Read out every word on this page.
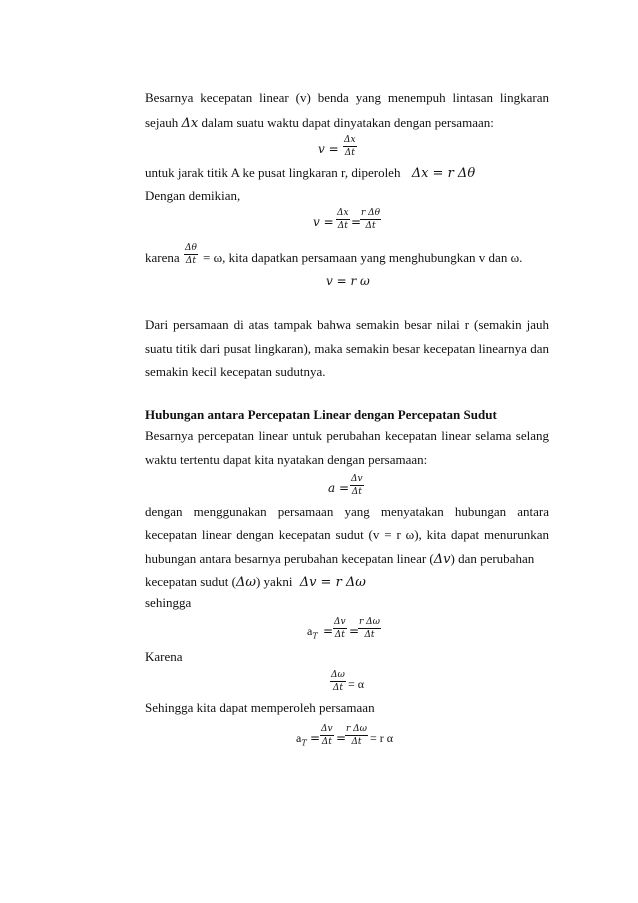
Besarnya kecepatan linear (v) benda yang menempuh lintasan lingkaran
sejauh Δx dalam suatu waktu dapat dinyatakan dengan persamaan:
$v = \frac{\Delta x}{\Delta t}$
untuk jarak titik A ke pusat lingkaran r, diperoleh Δx = r Δθ
Dengan demikian,
$v = \frac{\Delta x}{\Delta t}$ =
$\frac{\text{r Δθ}}{\Delta t}$
karena $\frac{\Delta\theta}{\Delta t} = \omega$, kita dapatkan persamaan yang menghubungkan v dan ω.
v = r ω
Dari persamaan di atas tampak bahwa semakin besar nilai r (semakin jauh
suatu titik dari pusat lingkaran), maka semakin besar kecepatan linearnya dan
semakin kecil kecepatan sudutnya.
Hubungan antara Percepatan Linear dengan Percepatan Sudut
Besarnya percepatan linear untuk perubahan kecepatan linear selama selang
waktu tertentu dapat kita nyatakan dengan persamaan:
$a = \frac{\Delta v}{\Delta t}$
dengan menggunakan persamaan yang menyatakan hubungan antara
kecepatan linear dengan kecepatan sudut (v = r ω), kita dapat menurunkan
hubungan antara besarnya perubahan kecepatan linear (Δv) dan perubahan
kecepatan sudut (Δω) yakni Δv = r Δω
sehingga
$a_T = \frac{\Delta v}{\Delta t}$ =
$\frac{\text{r Δω}}{\Delta t}$
Karena
$\frac{\Delta\omega}{\Delta t} = \alpha$
Sehingga kita dapat memperoleh persamaan
$a_T = \frac{\Delta v}{\Delta t}$ =
$\frac{\text{r Δω}}{\Delta t} = r$ α
